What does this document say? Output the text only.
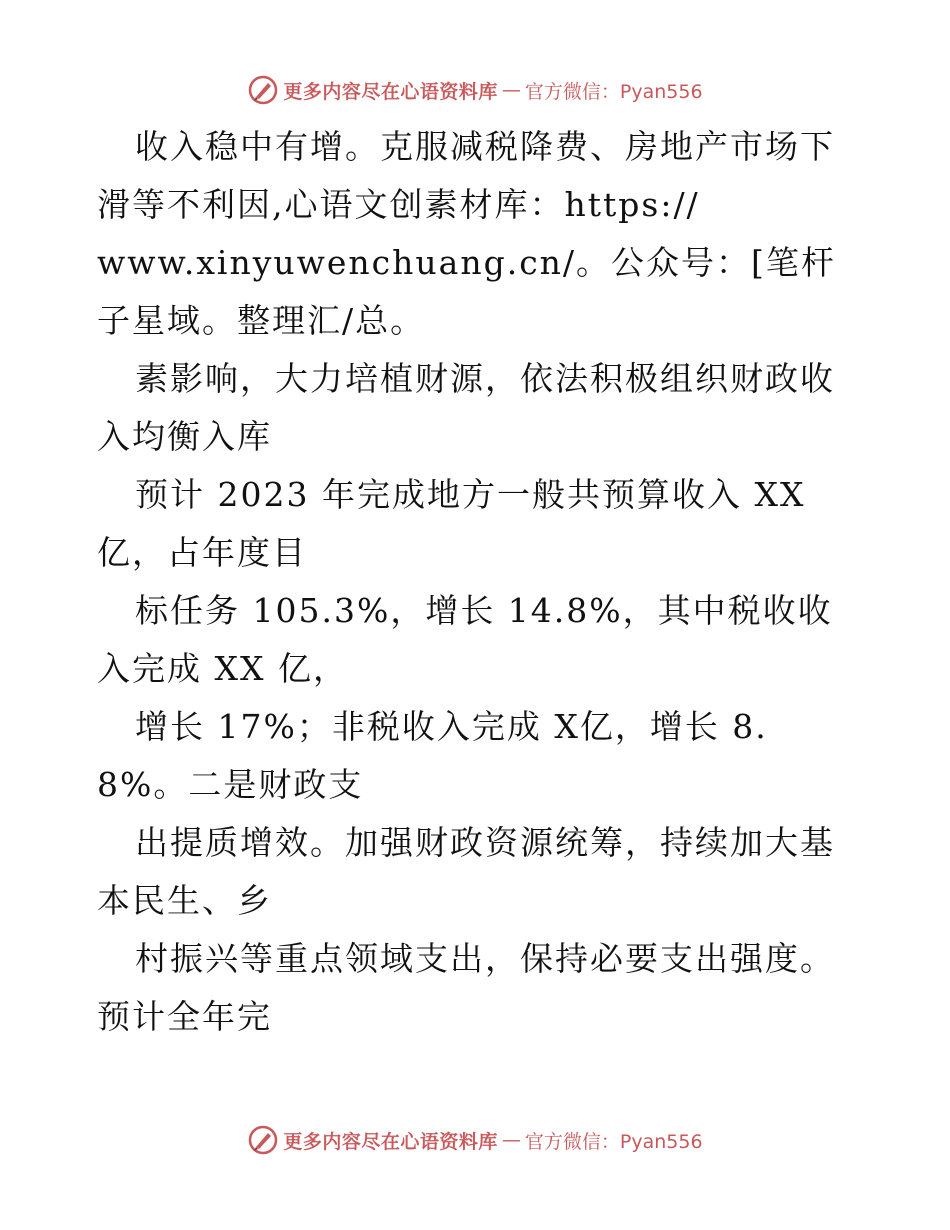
更多内容尽在心语资料库 — 官方微信：Pyan556

收入稳中有增。克服减税降费、房地产市场下滑等不利因,心语文创素材库：https://

www.xinyuwenchuang.cn/。公众号：[笔杆子星域。整理汇/总。

素影响，大力培植财源，依法积极组织财政收入均衡入库

预计 2023 年完成地方一般共预算收入 XX 亿，占年度目

标任务 105.3%，增长 14.8%，其中税收收入完成 XX 亿，

增长 17%；非税收入完成 X亿，增长 8.8%。二是财政支

出提质增效。加强财政资源统筹，持续加大基本民生、乡

村振兴等重点领域支出，保持必要支出强度。预计全年完

更多内容尽在心语资料库 — 官方微信：Pyan556
